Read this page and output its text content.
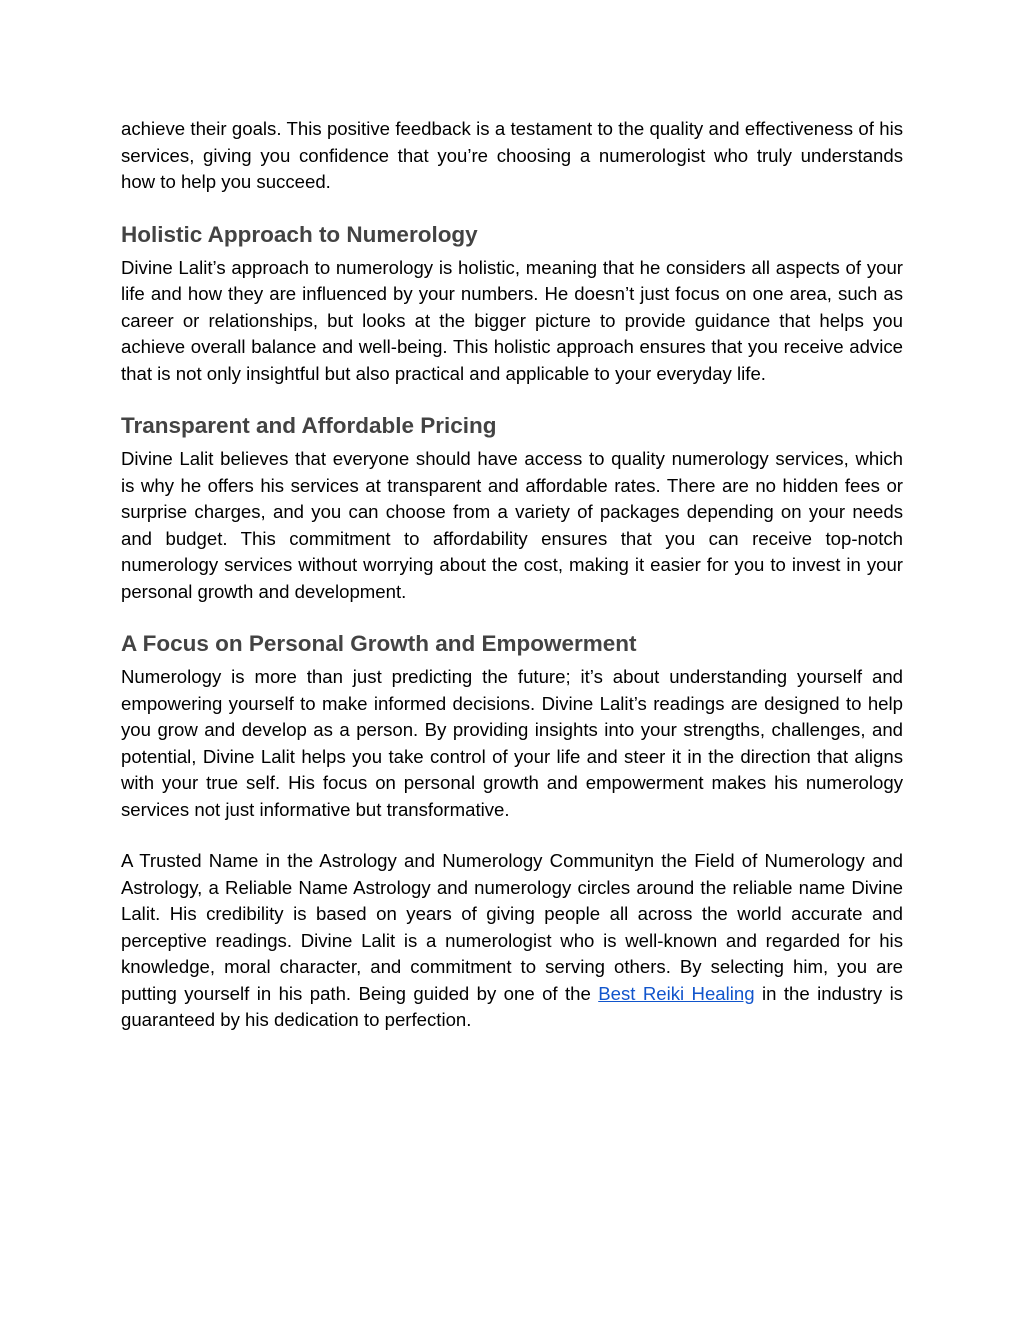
achieve their goals. This positive feedback is a testament to the quality and effectiveness of his services, giving you confidence that you’re choosing a numerologist who truly understands how to help you succeed.

Holistic Approach to Numerology

Divine Lalit’s approach to numerology is holistic, meaning that he considers all aspects of your life and how they are influenced by your numbers. He doesn’t just focus on one area, such as career or relationships, but looks at the bigger picture to provide guidance that helps you achieve overall balance and well-being. This holistic approach ensures that you receive advice that is not only insightful but also practical and applicable to your everyday life.

Transparent and Affordable Pricing

Divine Lalit believes that everyone should have access to quality numerology services, which is why he offers his services at transparent and affordable rates. There are no hidden fees or surprise charges, and you can choose from a variety of packages depending on your needs and budget. This commitment to affordability ensures that you can receive top-notch numerology services without worrying about the cost, making it easier for you to invest in your personal growth and development.

A Focus on Personal Growth and Empowerment

Numerology is more than just predicting the future; it’s about understanding yourself and empowering yourself to make informed decisions. Divine Lalit’s readings are designed to help you grow and develop as a person. By providing insights into your strengths, challenges, and potential, Divine Lalit helps you take control of your life and steer it in the direction that aligns with your true self. His focus on personal growth and empowerment makes his numerology services not just informative but transformative.

A Trusted Name in the Astrology and Numerology Communityn the Field of Numerology and Astrology, a Reliable Name Astrology and numerology circles around the reliable name Divine Lalit. His credibility is based on years of giving people all across the world accurate and perceptive readings. Divine Lalit is a numerologist who is well-known and regarded for his knowledge, moral character, and commitment to serving others. By selecting him, you are putting yourself in his path. Being guided by one of the Best Reiki Healing in the industry is guaranteed by his dedication to perfection.
